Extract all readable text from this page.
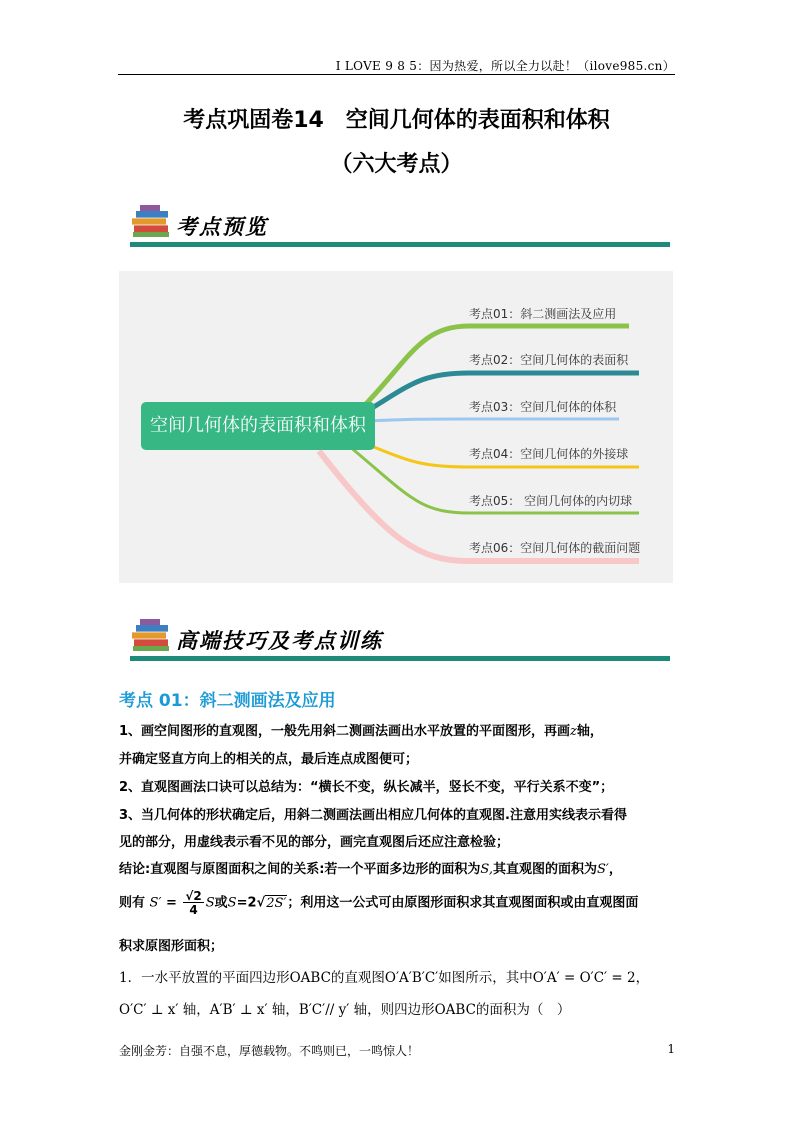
I LOVE 9 8 5：因为热爱，所以全力以赴！（ilove985.cn）
考点巩固卷14　空间几何体的表面积和体积
（六大考点）
考点预览
空间几何体的表面积和体积
考点01：斜二测画法及应用
考点02：空间几何体的表面积
考点03：空间几何体的体积
考点04：空间几何体的外接球
考点05： 空间几何体的内切球
考点06：空间几何体的截面问题
高端技巧及考点训练
考点 01：斜二测画法及应用
1、画空间图形的直观图，一般先用斜二测画法画出水平放置的平面图形，再画z轴，
并确定竖直方向上的相关的点，最后连点成图便可；
2、直观图画法口诀可以总结为：“横长不变，纵长减半，竖长不变，平行关系不变”；
3、当几何体的形状确定后，用斜二测画法画出相应几何体的直观图.注意用实线表示看得
见的部分，用虚线表示看不见的部分，画完直观图后还应注意检验；
结论:直观图与原图面积之间的关系:若一个平面多边形的面积为S,其直观图的面积为S′，
则有 $S' = \frac{√2}{4}$ S或S=2√2S′；利用这一公式可由原图形面积求其直观图面积或由直观图面
积求原图形面积；
1．一水平放置的平面四边形OABC的直观图O′A′B′C′如图所示，其中O′A′ = O′C′ = 2，
O′C′ ⊥ x′ 轴，A′B′ ⊥ x′ 轴，B′C′// y′ 轴，则四边形OABC的面积为（　）
金刚金芳：自强不息，厚德载物。不鸣则已，一鸣惊人！	1
